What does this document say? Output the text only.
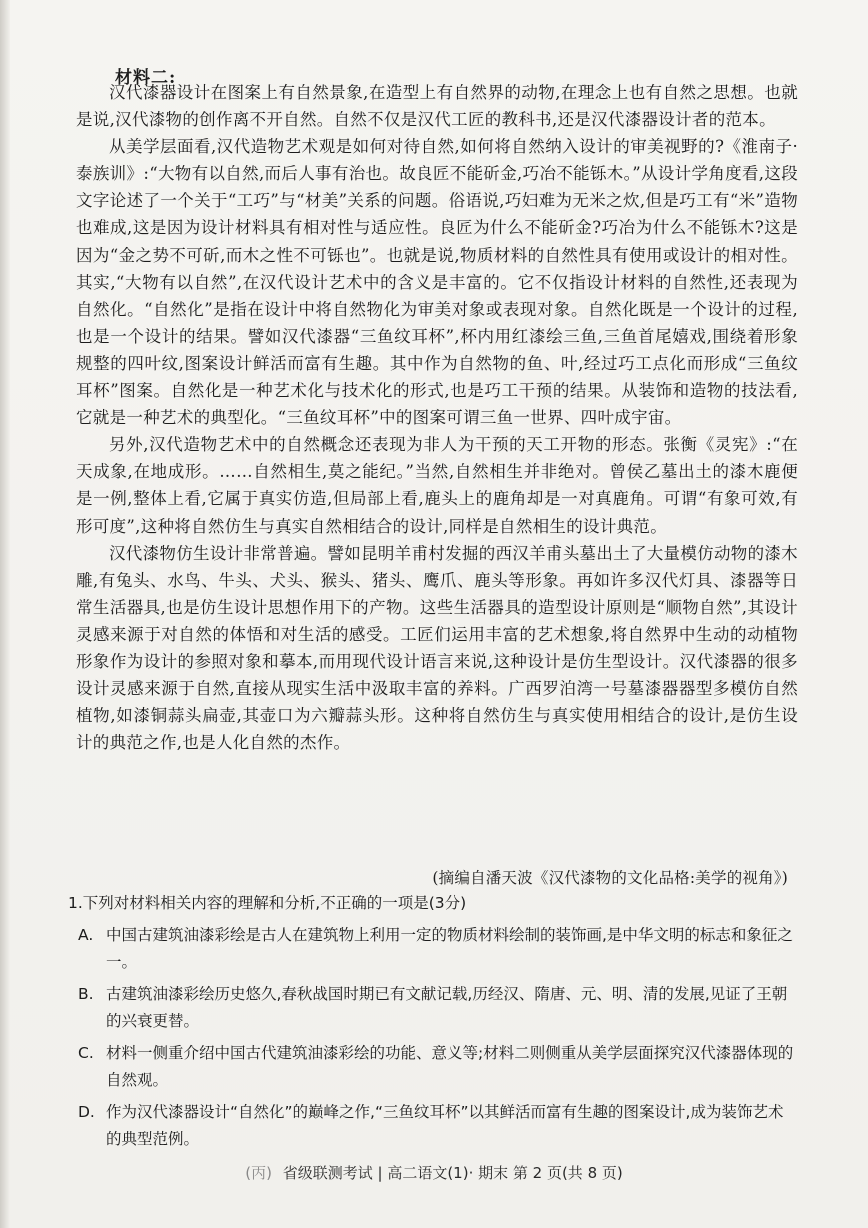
材料二:

汉代漆器设计在图案上有自然景象,在造型上有自然界的动物,在理念上也有自然之思想。也就是说,汉代漆物的创作离不开自然。自然不仅是汉代工匠的教科书,还是汉代漆器设计者的范本。

从美学层面看,汉代造物艺术观是如何对待自然,如何将自然纳入设计的审美视野的?《淮南子·泰族训》:“大物有以自然,而后人事有治也。故良匠不能斫金,巧冶不能铄木。”从设计学角度看,这段文字论述了一个关于“工巧”与“材美”关系的问题。俗语说,巧妇难为无米之炊,但是巧工有“米”造物也难成,这是因为设计材料具有相对性与适应性。良匠为什么不能斫金?巧冶为什么不能铄木?这是因为“金之势不可斫,而木之性不可铄也”。也就是说,物质材料的自然性具有使用或设计的相对性。其实,“大物有以自然”,在汉代设计艺术中的含义是丰富的。它不仅指设计材料的自然性,还表现为自然化。“自然化”是指在设计中将自然物化为审美对象或表现对象。自然化既是一个设计的过程,也是一个设计的结果。譬如汉代漆器“三鱼纹耳杯”,杯内用红漆绘三鱼,三鱼首尾嬉戏,围绕着形象规整的四叶纹,图案设计鲜活而富有生趣。其中作为自然物的鱼、叶,经过巧工点化而形成“三鱼纹耳杯”图案。自然化是一种艺术化与技术化的形式,也是巧工干预的结果。从装饰和造物的技法看,它就是一种艺术的典型化。“三鱼纹耳杯”中的图案可谓三鱼一世界、四叶成宇宙。

另外,汉代造物艺术中的自然概念还表现为非人为干预的天工开物的形态。张衡《灵宪》:“在天成象,在地成形。……自然相生,莫之能纪。”当然,自然相生并非绝对。曾侯乙墓出土的漆木鹿便是一例,整体上看,它属于真实仿造,但局部上看,鹿头上的鹿角却是一对真鹿角。可谓“有象可效,有形可度”,这种将自然仿生与真实自然相结合的设计,同样是自然相生的设计典范。

汉代漆物仿生设计非常普遍。譬如昆明羊甫村发掘的西汉羊甫头墓出土了大量模仿动物的漆木雕,有兔头、水鸟、牛头、犬头、猴头、猪头、鹰爪、鹿头等形象。再如许多汉代灯具、漆器等日常生活器具,也是仿生设计思想作用下的产物。这些生活器具的造型设计原则是“顺物自然”,其设计灵感来源于对自然的体悟和对生活的感受。工匠们运用丰富的艺术想象,将自然界中生动的动植物形象作为设计的参照对象和摹本,而用现代设计语言来说,这种设计是仿生型设计。汉代漆器的很多设计灵感来源于自然,直接从现实生活中汲取丰富的养料。广西罗泊湾一号墓漆器器型多模仿自然植物,如漆铜蒜头扁壶,其壶口为六瓣蒜头形。这种将自然仿生与真实使用相结合的设计,是仿生设计的典范之作,也是人化自然的杰作。

(摘编自潘天波《汉代漆物的文化品格:美学的视角》)

1.下列对材料相关内容的理解和分析,不正确的一项是(3分)

A. 中国古建筑油漆彩绘是古人在建筑物上利用一定的物质材料绘制的装饰画,是中华文明的标志和象征之一。
B. 古建筑油漆彩绘历史悠久,春秋战国时期已有文献记载,历经汉、隋唐、元、明、清的发展,见证了王朝的兴衰更替。
C. 材料一侧重介绍中国古代建筑油漆彩绘的功能、意义等;材料二则侧重从美学层面探究汉代漆器体现的自然观。
D. 作为汉代漆器设计“自然化”的巅峰之作,“三鱼纹耳杯”以其鲜活而富有生趣的图案设计,成为装饰艺术的典型范例。
(丙) 省级联测考试 | 高二语文(1)· 期末 第 2 页(共 8 页)
